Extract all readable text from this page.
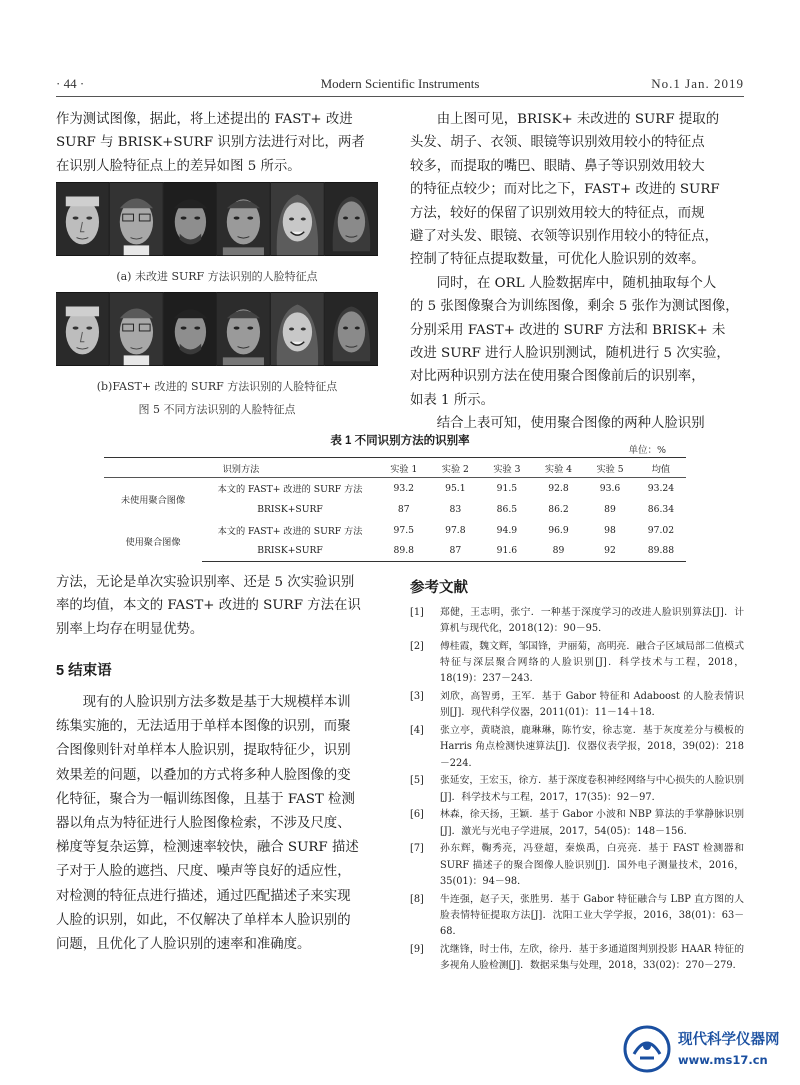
· 44 ·	Modern Scientific Instruments	No.1 Jan. 2019

作为测试图像，据此，将上述提出的 FAST+ 改进

SURF 与 BRISK+SURF 识别方法进行对比，两者

在识别人脸特征点上的差异如图 5 所示。

(a) 未改进 SURF 方法识别的人脸特征点
(b)FAST+ 改进的 SURF 方法识别的人脸特征点
图 5 不同方法识别的人脸特征点

由上图可见，BRISK+ 未改进的 SURF 提取的

头发、胡子、衣领、眼镜等识别效用较小的特征点

较多，而提取的嘴巴、眼睛、鼻子等识别效用较大

的特征点较少；而对比之下，FAST+ 改进的 SURF

方法，较好的保留了识别效用较大的特征点，而规

避了对头发、眼镜、衣领等识别作用较小的特征点，

控制了特征点提取数量，可优化人脸识别的效率。

同时，在 ORL 人脸数据库中，随机抽取每个人

的 5 张图像聚合为训练图像，剩余 5 张作为测试图像，

分别采用 FAST+ 改进的 SURF 方法和 BRISK+ 未

改进 SURF 进行人脸识别测试，随机进行 5 次实验，

对比两种识别方法在使用聚合图像前后的识别率，

如表 1 所示。

结合上表可知，使用聚合图像的两种人脸识别

表 1 不同识别方法的识别率
单位：%
识别方法		实验 1	实验 2	实验 3	实验 4	实验 5	均值
未使用聚合图像	本文的 FAST+ 改进的 SURF 方法	93.2	95.1	91.5	92.8	93.6	93.24
	BRISK+SURF	87	83	86.5	86.2	89	86.34
使用聚合图像	本文的 FAST+ 改进的 SURF 方法	97.5	97.8	94.9	96.9	98	97.02
	BRISK+SURF	89.8	87	91.6	89	92	89.88

方法，无论是单次实验识别率、还是 5 次实验识别

率的均值，本文的 FAST+ 改进的 SURF 方法在识

别率上均存在明显优势。

5 结束语

现有的人脸识别方法多数是基于大规模样本训

练集实施的，无法适用于单样本图像的识别，而聚

合图像则针对单样本人脸识别，提取特征少，识别

效果差的问题，以叠加的方式将多种人脸图像的变

化特征，聚合为一幅训练图像，且基于 FAST 检测

器以角点为特征进行人脸图像检索，不涉及尺度、

梯度等复杂运算，检测速率较快，融合 SURF 描述

子对于人脸的遮挡、尺度、噪声等良好的适应性，

对检测的特征点进行描述，通过匹配描述子来实现

人脸的识别，如此，不仅解决了单样本人脸识别的

问题，且优化了人脸识别的速率和准确度。

参考文献
[1]	郑健，王志明，张宁．一种基于深度学习的改进人脸识别算法[J]．计算机与现代化，2018(12)：90－95．
[2]	傅桂霞，魏文辉，邹国锋，尹丽菊，高明亮．融合子区域局部二值模式特征与深层聚合网络的人脸识别[J]．科学技术与工程，2018，18(19)：237－243．
[3]	刘欣，高智勇，王军．基于 Gabor 特征和 Adaboost 的人脸表情识别[J]．现代科学仪器，2011(01)：11－14＋18．
[4]	张立亭，黄晓浪，鹿琳琳，陈竹安，徐志宽．基于灰度差分与模板的 Harris 角点检测快速算法[J]．仪器仪表学报，2018，39(02)：218－224．
[5]	张延安，王宏玉，徐方．基于深度卷积神经网络与中心损失的人脸识别[J]．科学技术与工程，2017，17(35)：92－97．
[6]	林森，徐天扬，王颖．基于 Gabor 小波和 NBP 算法的手掌静脉识别[J]．激光与光电子学进展，2017，54(05)：148－156．
[7]	孙东辉，鞠秀亮，冯登超，秦焕禹，白亮亮．基于 FAST 检测器和 SURF 描述子的聚合图像人脸识别[J]．国外电子测量技术，2016，35(01)：94－98．
[8]	牛连强，赵子天，张胜男．基于 Gabor 特征融合与 LBP 直方图的人脸表情特征提取方法[J]．沈阳工业大学学报，2016，38(01)：63－68．
[9]	沈继锋，时士伟，左欣，徐丹．基于多通道图判别投影 HAAR 特征的多视角人脸检测[J]．数据采集与处理，2018，33(02)：270－279．
现代科学仪器网
www.ms17.cn
